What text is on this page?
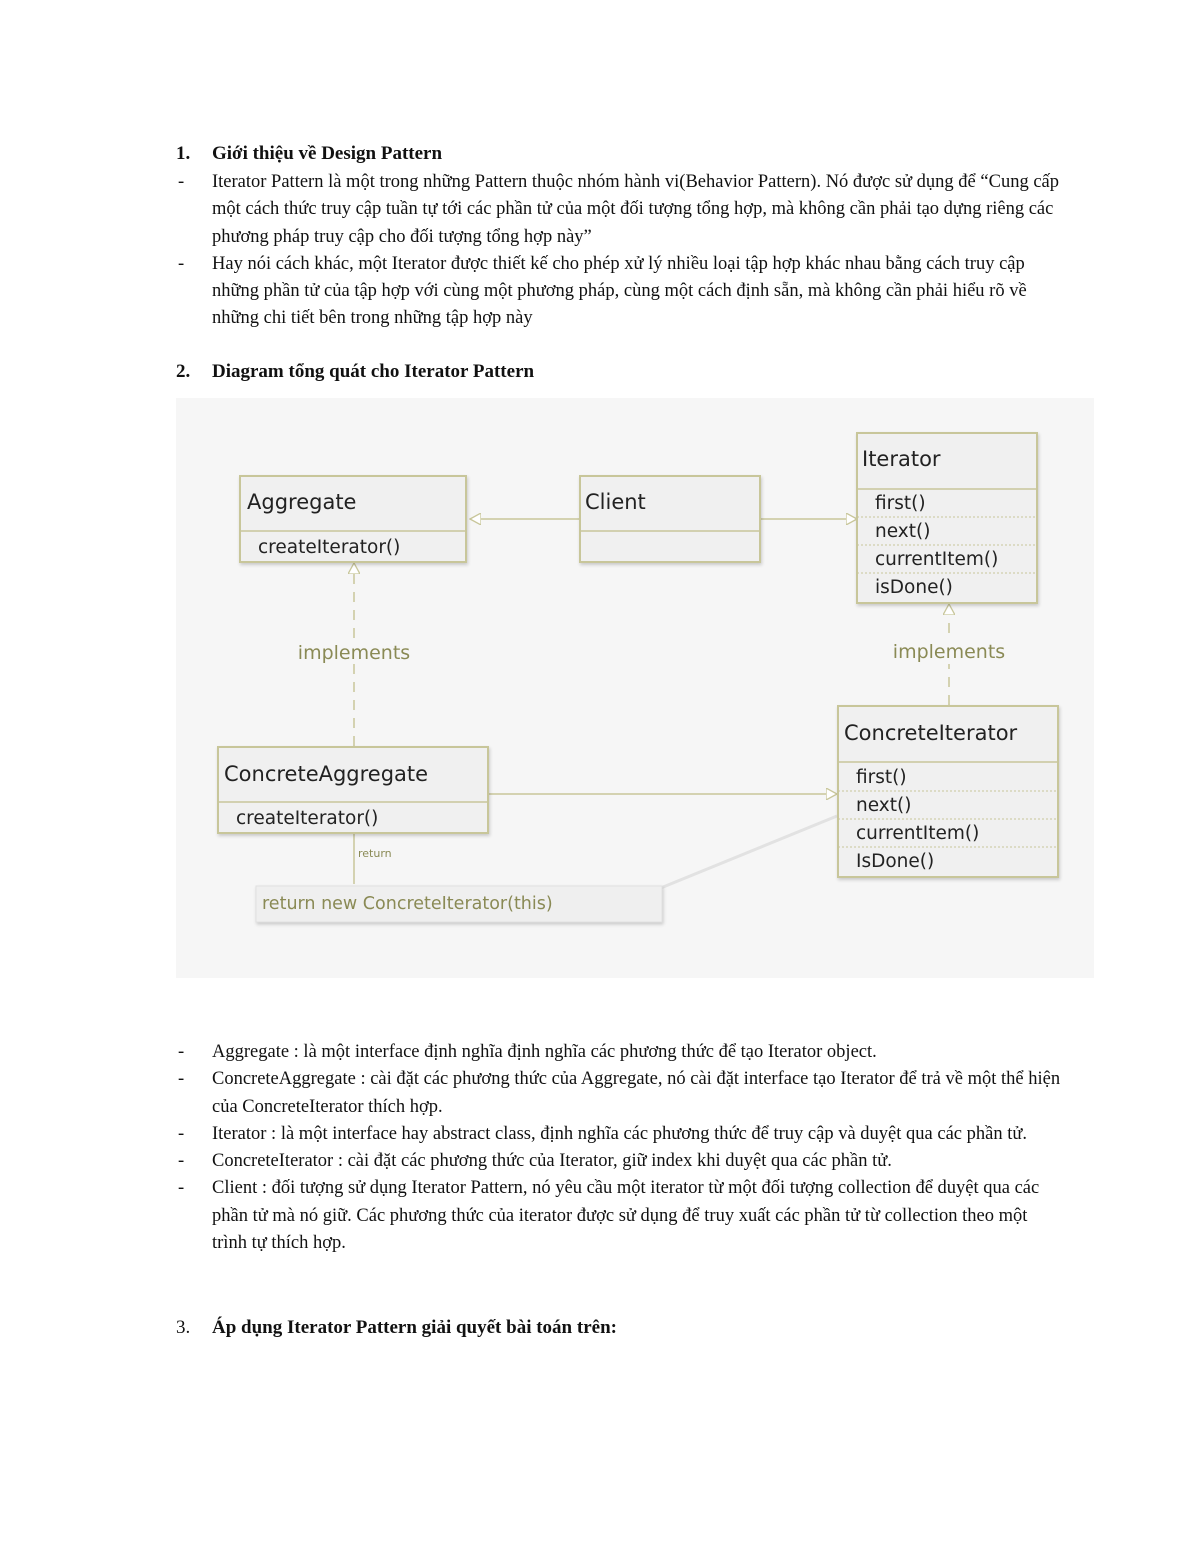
1. Giới thiệu về Design Pattern
- Iterator Pattern là một trong những Pattern thuộc nhóm hành vi(Behavior Pattern). Nó được sử dụng để “Cung cấp một cách thức truy cập tuần tự tới các phần tử của một đối tượng tổng hợp, mà không cần phải tạo dựng riêng các phương pháp truy cập cho đối tượng tổng hợp này”
- Hay nói cách khác, một Iterator được thiết kế cho phép xử lý nhiều loại tập hợp khác nhau bằng cách truy cập những phần tử của tập hợp với cùng một phương pháp, cùng một cách định sẵn, mà không cần phải hiểu rõ về những chi tiết bên trong những tập hợp này
2. Diagram tổng quát cho Iterator Pattern
implements	implements
return
Aggregate
createIterator()
Client
Iterator
first()
next()
currentItem()
isDone()
ConcreteAggregate
createIterator()
ConcreteIterator
first()
next()
currentItem()
IsDone()
return new ConcreteIterator(this)
- Aggregate : là một interface định nghĩa định nghĩa các phương thức để tạo Iterator object.
- ConcreteAggregate : cài đặt các phương thức của Aggregate, nó cài đặt interface tạo Iterator để trả về một thể hiện của ConcreteIterator thích hợp.
- Iterator : là một interface hay abstract class, định nghĩa các phương thức để truy cập và duyệt qua các phần tử.
- ConcreteIterator : cài đặt các phương thức của Iterator, giữ index khi duyệt qua các phần tử.
- Client : đối tượng sử dụng Iterator Pattern, nó yêu cầu một iterator từ một đối tượng collection để duyệt qua các phần tử mà nó giữ. Các phương thức của iterator được sử dụng để truy xuất các phần tử từ collection theo một trình tự thích hợp.
3. Áp dụng Iterator Pattern giải quyết bài toán trên:
